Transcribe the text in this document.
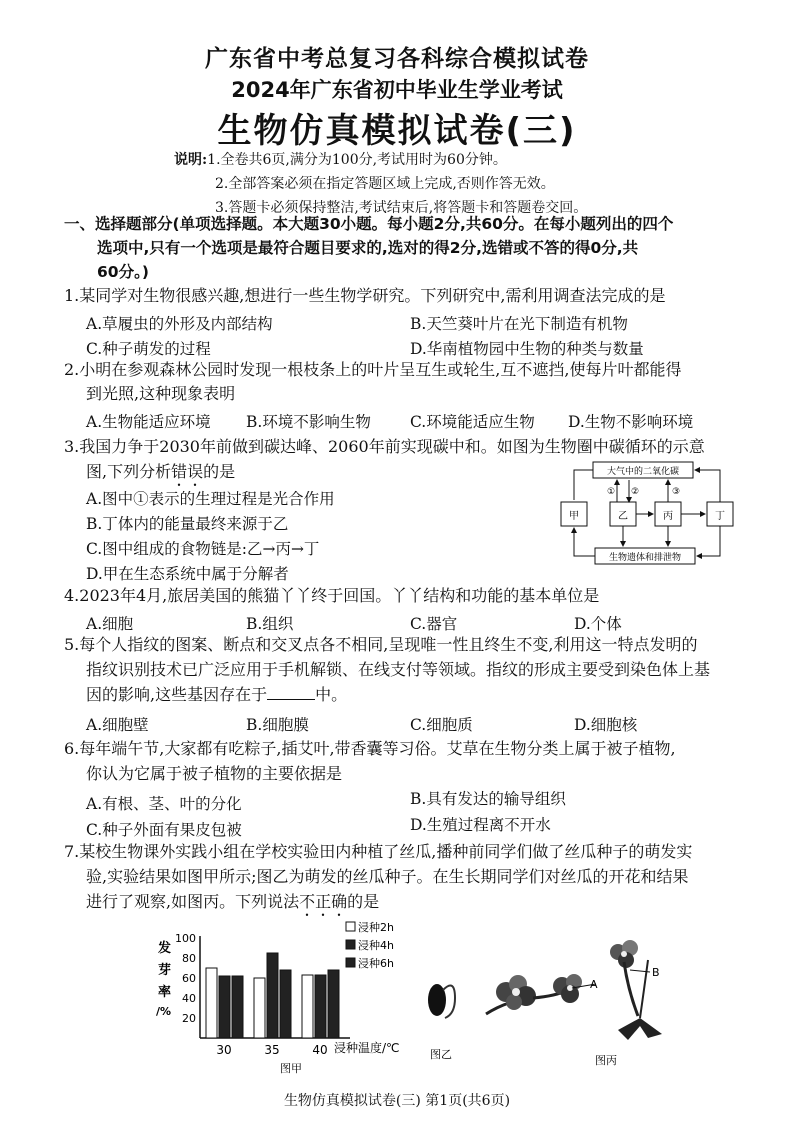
广东省中考总复习各科综合模拟试卷
2024年广东省初中毕业生学业考试
生物仿真模拟试卷(三)
说明:1.全卷共6页,满分为100分,考试用时为60分钟。
2.全部答案必须在指定答题区域上完成,否则作答无效。
3.答题卡必须保持整洁,考试结束后,将答题卡和答题卷交回。
一、选择题部分(单项选择题。本大题30小题。每小题2分,共60分。在每小题列出的四个
选项中,只有一个选项是最符合题目要求的,选对的得2分,选错或不答的得0分,共
60分。)
1.某同学对生物很感兴趣,想进行一些生物学研究。下列研究中,需利用调查法完成的是
A.草履虫的外形及内部结构	B.天竺葵叶片在光下制造有机物
C.种子萌发的过程	D.华南植物园中生物的种类与数量
2.小明在参观森林公园时发现一根枝条上的叶片呈互生或轮生,互不遮挡,使每片叶都能得
到光照,这种现象表明
A.生物能适应环境 B.环境不影响生物	C.环境能适应生物 D.生物不影响环境
3.我国力争于2030年前做到碳达峰、2060年前实现碳中和。如图为生物圈中碳循环的示意
图,下列分析错误的是
A.图中①表示的生理过程是光合作用
B.丁体内的能量最终来源于乙
C.图中组成的食物链是:乙→丙→丁
D.甲在生态系统中属于分解者
大气中的二氧化碳
甲	乙	丙	丁
生物遗体和排泄物
① ②	③
4.2023年4月,旅居美国的熊猫丫丫终于回国。丫丫结构和功能的基本单位是
A.细胞	B.组织	C.器官	D.个体
5.每个人指纹的图案、断点和交叉点各不相同,呈现唯一性且终生不变,利用这一特点发明的
指纹识别技术已广泛应用于手机解锁、在线支付等领域。指纹的形成主要受到染色体上基
因的影响,这些基因存在于	中。
A.细胞壁	B.细胞膜	C.细胞质	D.细胞核
6.每年端午节,大家都有吃粽子,插艾叶,带香囊等习俗。艾草在生物分类上属于被子植物,
你认为它属于被子植物的主要依据是
A.有根、茎、叶的分化	B.具有发达的输导组织
C.种子外面有果皮包被	D.生殖过程离不开水
7.某校生物课外实践小组在学校实验田内种植了丝瓜,播种前同学们做了丝瓜种子的萌发实
验,实验结果如图甲所示;图乙为萌发的丝瓜种子。在生长期同学们对丝瓜的开花和结果
进行了观察,如图丙。下列说法不正确的是
发
芽
率
/%
20
40
60
80
100
30	35	40 浸种温度/℃
浸种2h
浸种4h
浸种6h
图甲
图乙
A
B
图丙
生物仿真模拟试卷(三) 第1页(共6页)
